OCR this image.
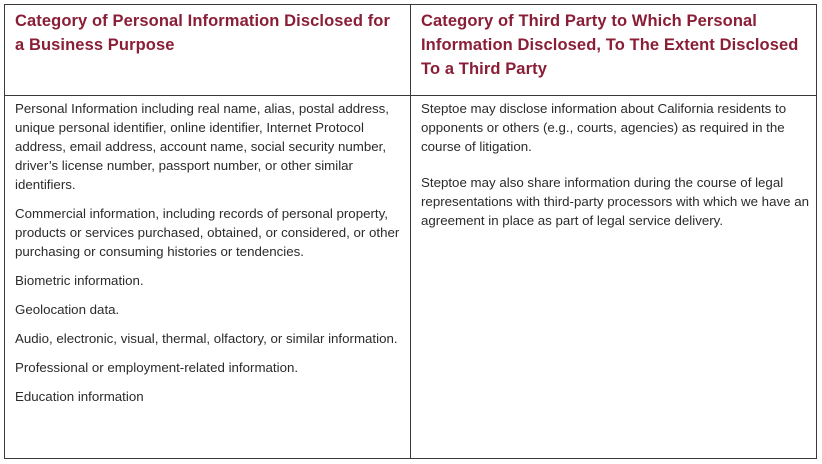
Category of Personal Information Disclosed for a Business Purpose
Category of Third Party to Which Personal Information Disclosed, To The Extent Disclosed To a Third Party

Personal Information including real name, alias, postal address, unique personal identifier, online identifier, Internet Protocol address, email address, account name, social security number, driver’s license number, passport number, or other similar identifiers.

Commercial information, including records of personal property, products or services purchased, obtained, or considered, or other purchasing or consuming histories or tendencies.

Biometric information.

Geolocation data.

Audio, electronic, visual, thermal, olfactory, or similar information.

Professional or employment-related information.

Education information

Steptoe may disclose information about California residents to opponents or others (e.g., courts, agencies) as required in the course of litigation.

Steptoe may also share information during the course of legal representations with third-party processors with which we have an agreement in place as part of legal service delivery.
